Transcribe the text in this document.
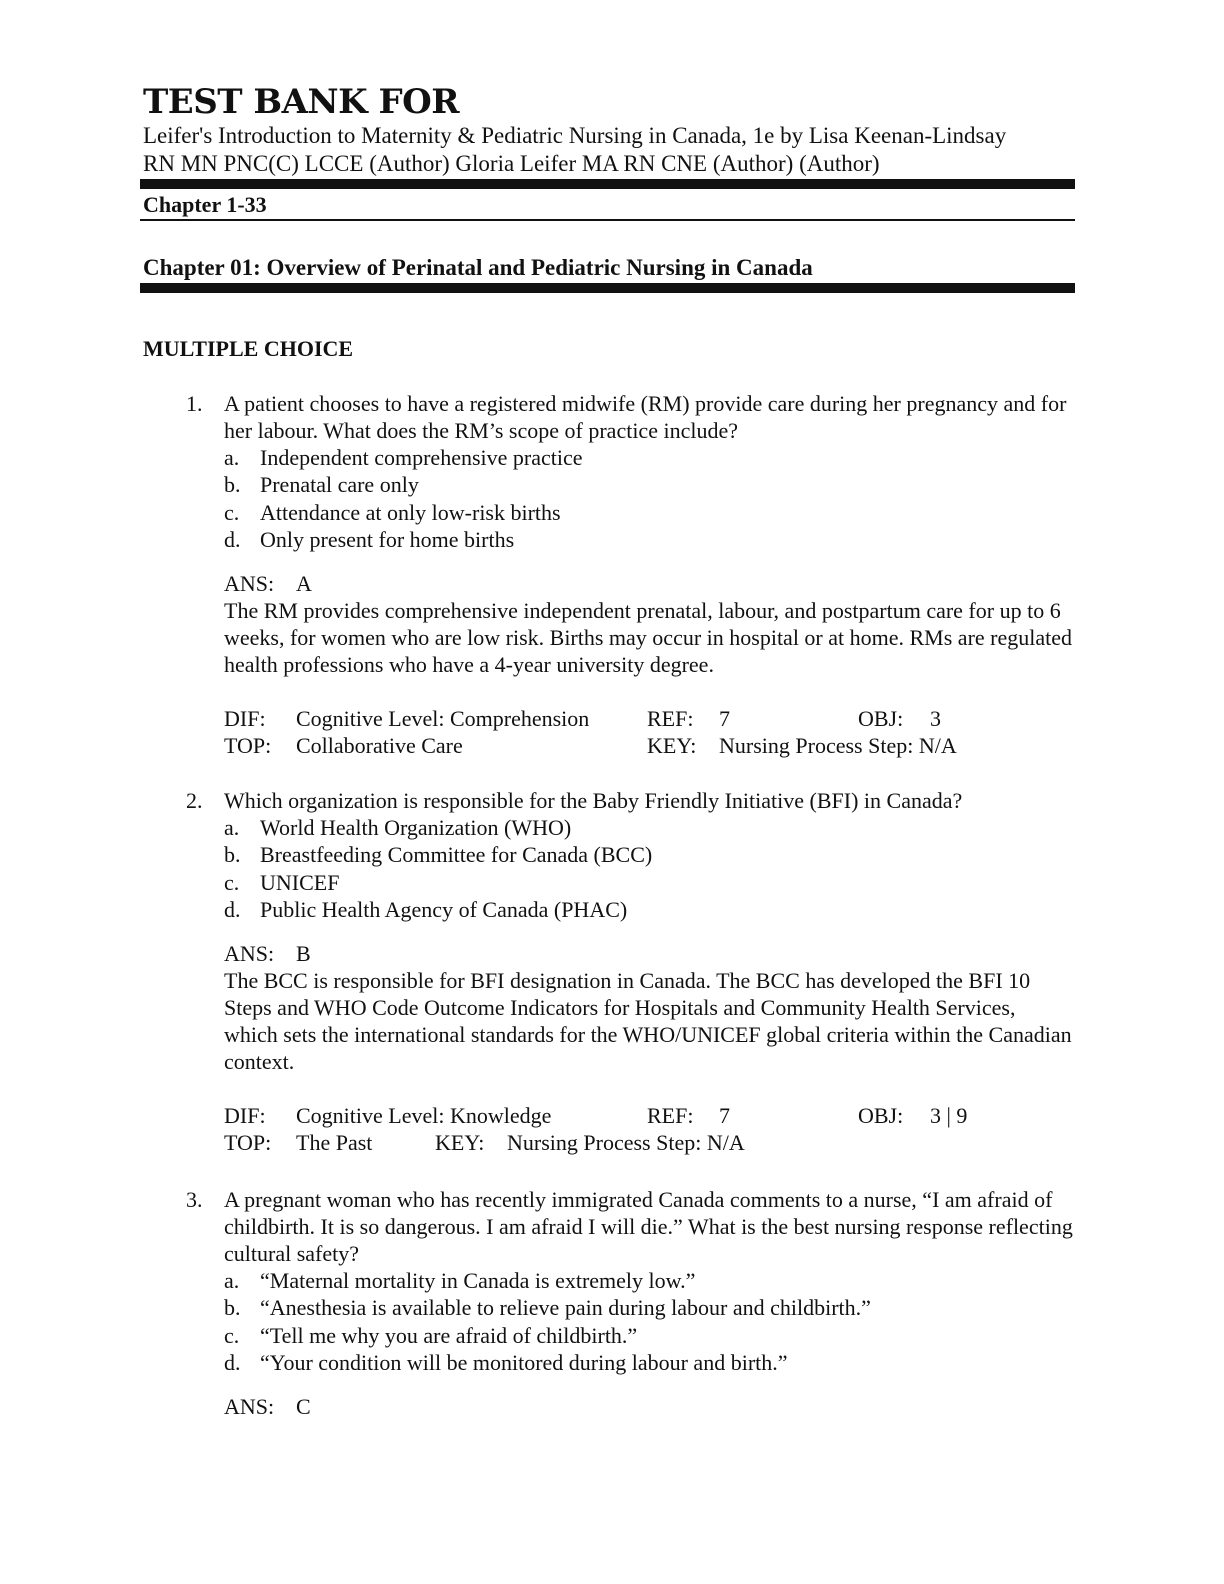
TEST BANK FOR
Leifer's Introduction to Maternity & Pediatric Nursing in Canada, 1e by Lisa Keenan-Lindsay
RN MN PNC(C) LCCE (Author) Gloria Leifer MA RN CNE (Author) (Author)
Chapter 1-33
Chapter 01: Overview of Perinatal and Pediatric Nursing in Canada
MULTIPLE CHOICE
1. A patient chooses to have a registered midwife (RM) provide care during her pregnancy and for her labour. What does the RM’s scope of practice include?
a. Independent comprehensive practice
b. Prenatal care only
c. Attendance at only low-risk births
d. Only present for home births
ANS: A
The RM provides comprehensive independent prenatal, labour, and postpartum care for up to 6 weeks, for women who are low risk. Births may occur in hospital or at home. RMs are regulated health professions who have a 4-year university degree.
DIF: Cognitive Level: Comprehension	REF: 7	OBJ: 3
TOP: Collaborative Care	KEY: Nursing Process Step: N/A
2. Which organization is responsible for the Baby Friendly Initiative (BFI) in Canada?
a. World Health Organization (WHO)
b. Breastfeeding Committee for Canada (BCC)
c. UNICEF
d. Public Health Agency of Canada (PHAC)
ANS: B
The BCC is responsible for BFI designation in Canada. The BCC has developed the BFI 10 Steps and WHO Code Outcome Indicators for Hospitals and Community Health Services, which sets the international standards for the WHO/UNICEF global criteria within the Canadian context.
DIF: Cognitive Level: Knowledge	REF: 7	OBJ: 3 | 9
TOP: The Past	KEY: Nursing Process Step: N/A
3. A pregnant woman who has recently immigrated Canada comments to a nurse, “I am afraid of childbirth. It is so dangerous. I am afraid I will die.” What is the best nursing response reflecting cultural safety?
a. “Maternal mortality in Canada is extremely low.”
b. “Anesthesia is available to relieve pain during labour and childbirth.”
c. “Tell me why you are afraid of childbirth.”
d. “Your condition will be monitored during labour and birth.”
ANS: C
